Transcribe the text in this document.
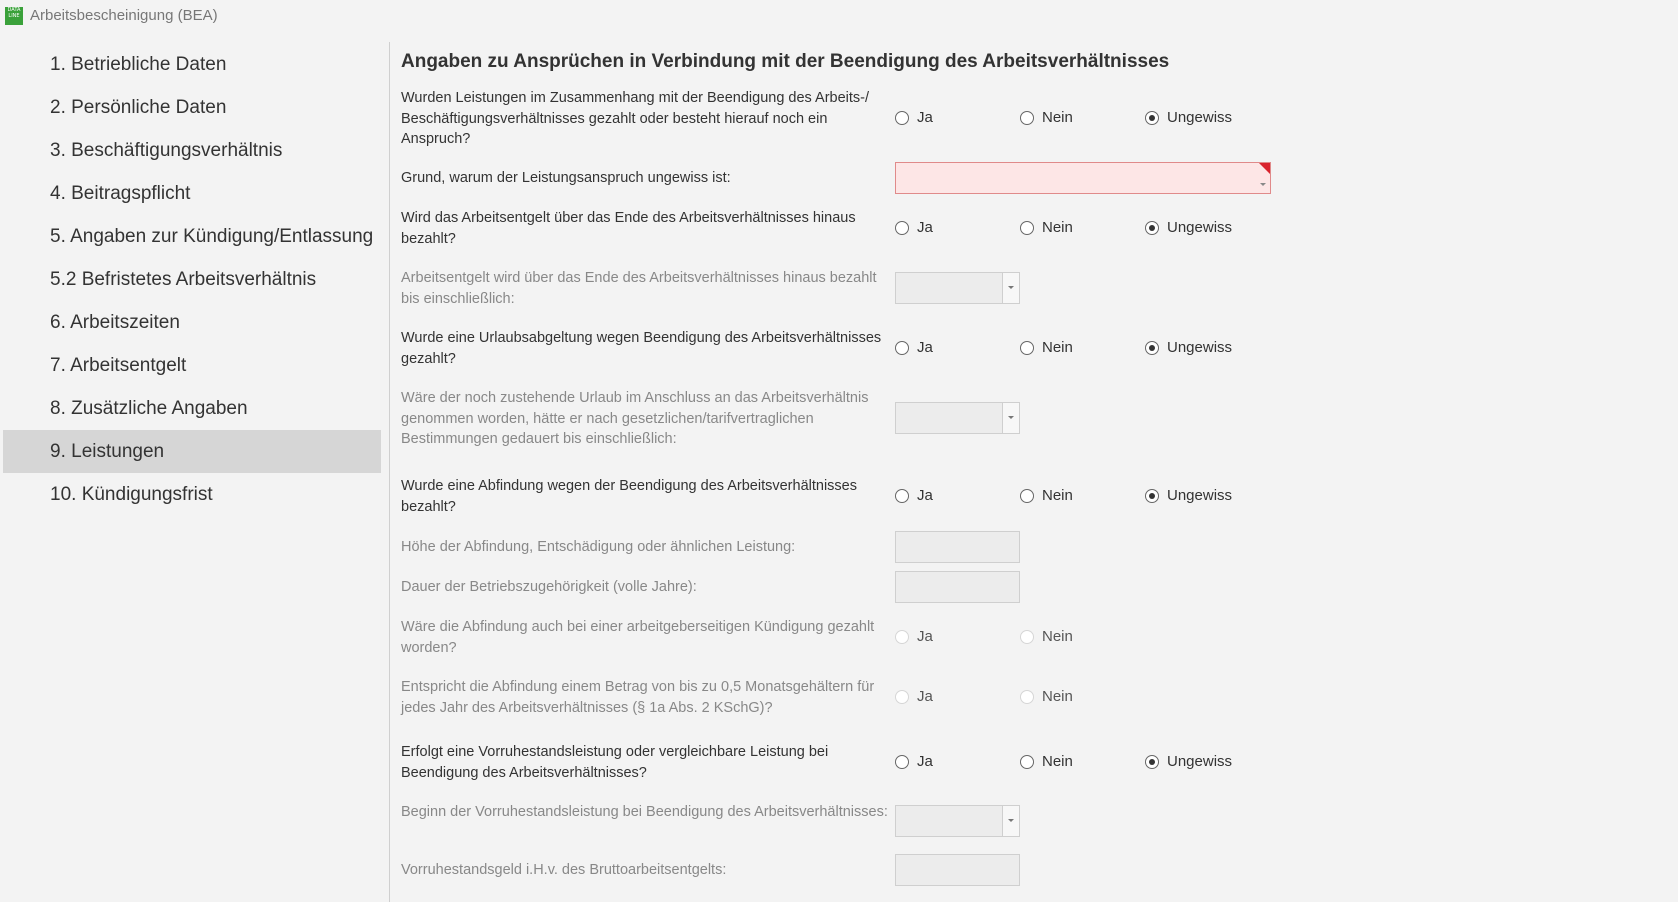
DATA LINE Arbeitsbescheinigung (BEA)
1. Betriebliche Daten
2. Persönliche Daten
3. Beschäftigungsverhältnis
4. Beitragspflicht
5. Angaben zur Kündigung/Entlassung
5.2 Befristetes Arbeitsverhältnis
6. Arbeitszeiten
7. Arbeitsentgelt
8. Zusätzliche Angaben
9. Leistungen
10. Kündigungsfrist
Angaben zu Ansprüchen in Verbindung mit der Beendigung des Arbeitsverhältnisses
Wurden Leistungen im Zusammenhang mit der Beendigung des Arbeits-/ Beschäftigungsverhältnisses gezahlt oder besteht hierauf noch ein Anspruch?
Ja	Nein	Ungewiss
Grund, warum der Leistungsanspruch ungewiss ist:
Wird das Arbeitsentgelt über das Ende des Arbeitsverhältnisses hinaus bezahlt?
Ja	Nein	Ungewiss
Arbeitsentgelt wird über das Ende des Arbeitsverhältnisses hinaus bezahlt bis einschließlich:
Wurde eine Urlaubsabgeltung wegen Beendigung des Arbeitsverhältnisses gezahlt?
Ja	Nein	Ungewiss
Wäre der noch zustehende Urlaub im Anschluss an das Arbeitsverhältnis genommen worden, hätte er nach gesetzlichen/tarifvertraglichen Bestimmungen gedauert bis einschließlich:
Wurde eine Abfindung wegen der Beendigung des Arbeitsverhältnisses bezahlt?
Ja	Nein	Ungewiss
Höhe der Abfindung, Entschädigung oder ähnlichen Leistung:
Dauer der Betriebszugehörigkeit (volle Jahre):
Wäre die Abfindung auch bei einer arbeitgeberseitigen Kündigung gezahlt worden?
Ja	Nein
Entspricht die Abfindung einem Betrag von bis zu 0,5 Monatsgehältern für jedes Jahr des Arbeitsverhältnisses (§ 1a Abs. 2 KSchG)?
Ja	Nein
Erfolgt eine Vorruhestandsleistung oder vergleichbare Leistung bei Beendigung des Arbeitsverhältnisses?
Ja	Nein	Ungewiss
Beginn der Vorruhestandsleistung bei Beendigung des Arbeitsverhältnisses:
Vorruhestandsgeld i.H.v. des Bruttoarbeitsentgelts:
